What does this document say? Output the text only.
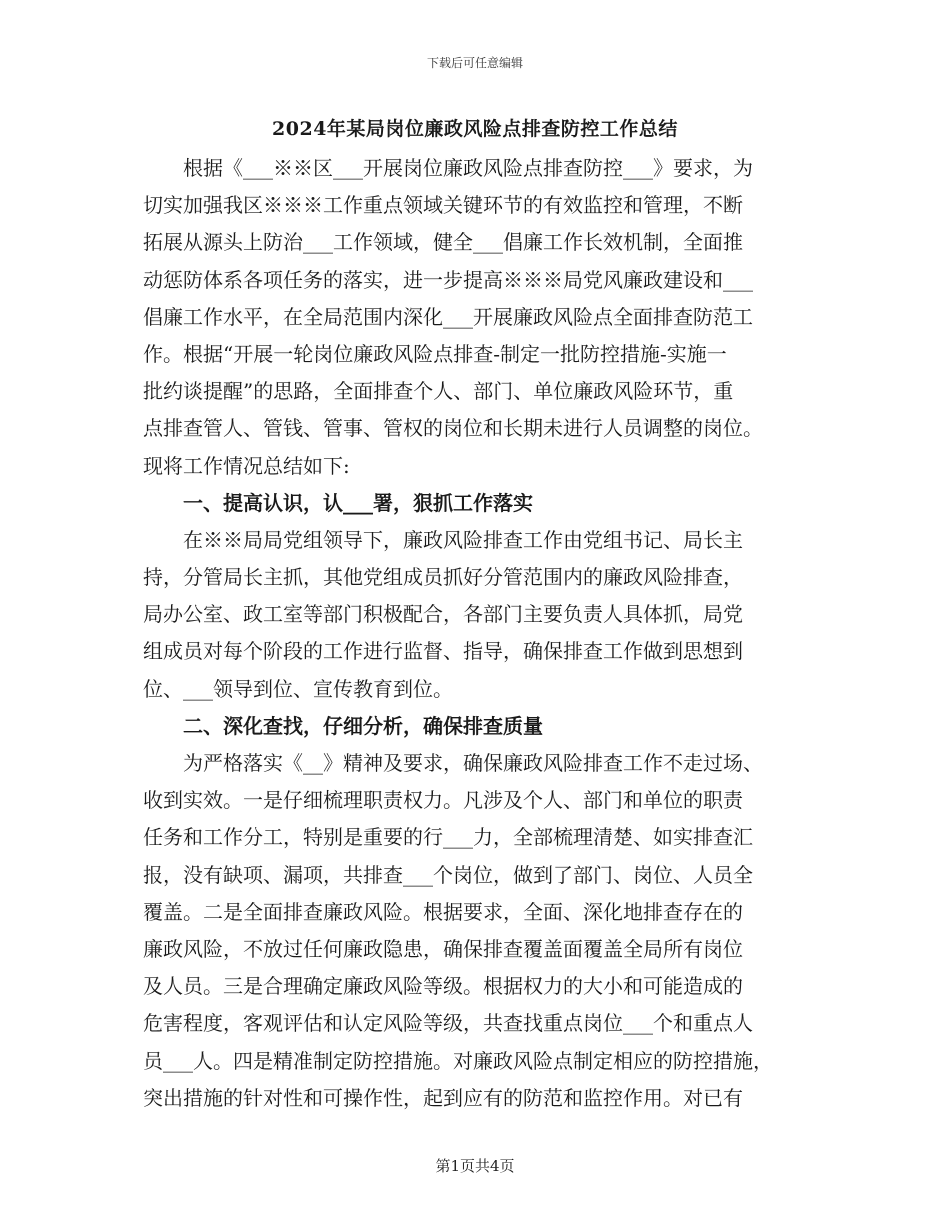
下载后可任意编辑
2024年某局岗位廉政风险点排查防控工作总结
　　根据《___※※区___开展岗位廉政风险点排查防控___》要求，为
切实加强我区※※※工作重点领域关键环节的有效监控和管理，不断
拓展从源头上防治___工作领域，健全___倡廉工作长效机制，全面推
动惩防体系各项任务的落实，进一步提高※※※局党风廉政建设和___
倡廉工作水平，在全局范围内深化___开展廉政风险点全面排查防范工
作。根据“开展一轮岗位廉政风险点排查-制定一批防控措施-实施一
批约谈提醒”的思路，全面排查个人、部门、单位廉政风险环节，重
点排查管人、管钱、管事、管权的岗位和长期未进行人员调整的岗位。
现将工作情况总结如下:
　　一、提高认识，认___署，狠抓工作落实
　　在※※局局党组领导下，廉政风险排查工作由党组书记、局长主
持，分管局长主抓，其他党组成员抓好分管范围内的廉政风险排查，
局办公室、政工室等部门积极配合，各部门主要负责人具体抓，局党
组成员对每个阶段的工作进行监督、指导，确保排查工作做到思想到
位、___领导到位、宣传教育到位。
　　二、深化查找，仔细分析，确保排查质量
　　为严格落实《__》精神及要求，确保廉政风险排查工作不走过场、
收到实效。一是仔细梳理职责权力。凡涉及个人、部门和单位的职责
任务和工作分工，特别是重要的行___力，全部梳理清楚、如实排查汇
报，没有缺项、漏项，共排查___个岗位，做到了部门、岗位、人员全
覆盖。二是全面排查廉政风险。根据要求，全面、深化地排查存在的
廉政风险，不放过任何廉政隐患，确保排查覆盖面覆盖全局所有岗位
及人员。三是合理确定廉政风险等级。根据权力的大小和可能造成的
危害程度，客观评估和认定风险等级，共查找重点岗位___个和重点人
员___人。四是精准制定防控措施。对廉政风险点制定相应的防控措施，
突出措施的针对性和可操作性，起到应有的防范和监控作用。对已有
第1页共4页
